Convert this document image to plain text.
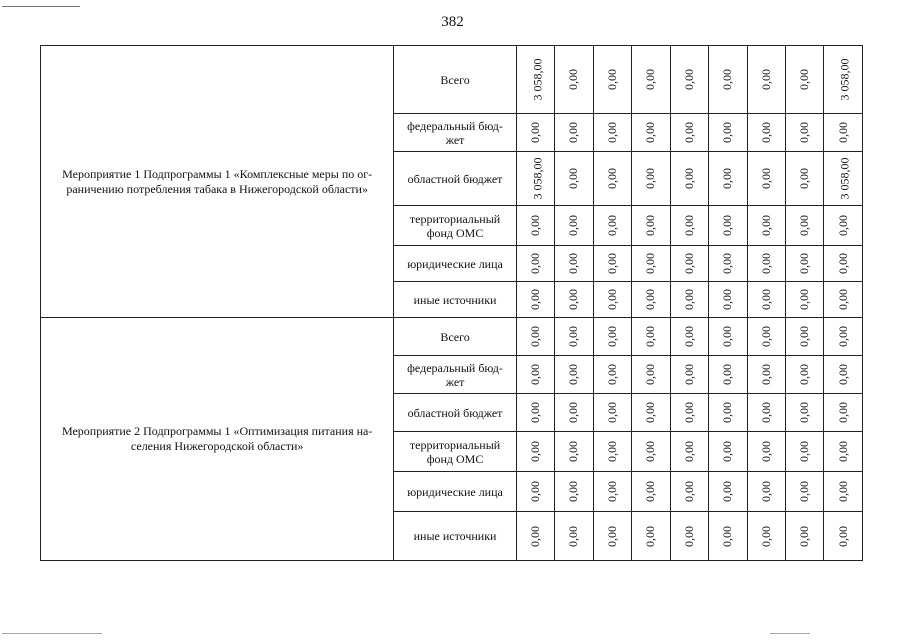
382
Мероприятие 1 Подпрограммы 1 «Комплексные меры по ог-
раничению потребления табака в Нижегородской области»	Всего	3 058,00	0,00	0,00	0,00	0,00	0,00	0,00	0,00	3 058,00

	федеральный бюд-
жет	0,00	0,00	0,00	0,00	0,00	0,00	0,00	0,00	0,00
	областной бюджет	3 058,00	0,00	0,00	0,00	0,00	0,00	0,00	0,00	3 058,00

	территориальный
фонд ОМС	0,00	0,00	0,00	0,00	0,00	0,00	0,00	0,00	0,00
	юридические лица	0,00	0,00	0,00	0,00	0,00	0,00	0,00	0,00	0,00
	иные источники	0,00	0,00	0,00	0,00	0,00	0,00	0,00	0,00	0,00

Мероприятие 2 Подпрограммы 1 «Оптимизация питания на-
селения Нижегородской области»	Всего	0,00	0,00	0,00	0,00	0,00	0,00	0,00	0,00	0,00

	федеральный бюд-
жет	0,00	0,00	0,00	0,00	0,00	0,00	0,00	0,00	0,00
	областной бюджет	0,00	0,00	0,00	0,00	0,00	0,00	0,00	0,00	0,00

	территориальный
фонд ОМС	0,00	0,00	0,00	0,00	0,00	0,00	0,00	0,00	0,00
	юридические лица	0,00	0,00	0,00	0,00	0,00	0,00	0,00	0,00	0,00
	иные источники	0,00	0,00	0,00	0,00	0,00	0,00	0,00	0,00	0,00
